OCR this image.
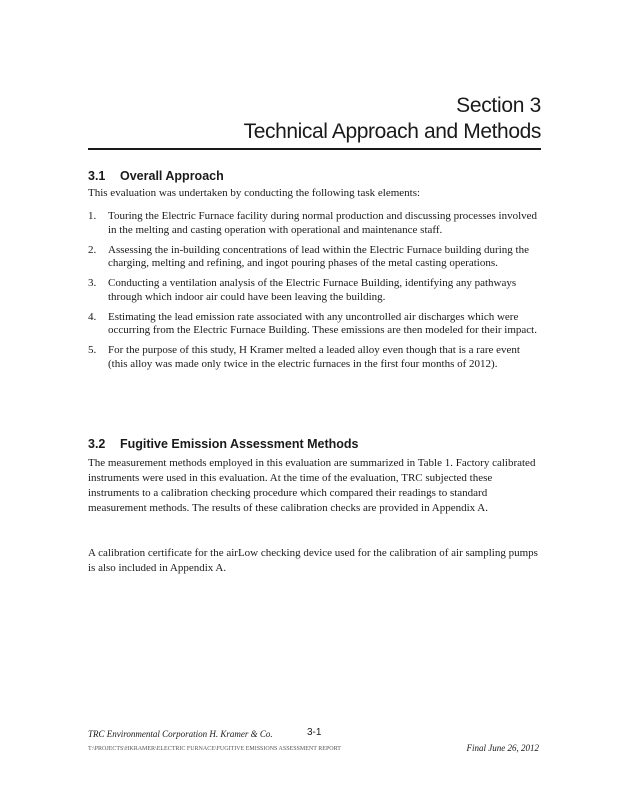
Section 3
Technical Approach and Methods
3.1 Overall Approach

This evaluation was undertaken by conducting the following task elements:

1. Touring the Electric Furnace facility during normal production and discussing processes involved in the melting and casting operation with operational and maintenance staff.
2. Assessing the in-building concentrations of lead within the Electric Furnace building during the charging, melting and refining, and ingot pouring phases of the metal casting operations.
3. Conducting a ventilation analysis of the Electric Furnace Building, identifying any pathways through which indoor air could have been leaving the building.
4. Estimating the lead emission rate associated with any uncontrolled air discharges which were occurring from the Electric Furnace Building. These emissions are then modeled for their impact.
5. For the purpose of this study, H Kramer melted a leaded alloy even though that is a rare event (this alloy was made only twice in the electric furnaces in the first four months of 2012).
3.2 Fugitive Emission Assessment Methods

The measurement methods employed in this evaluation are summarized in Table 1. Factory calibrated instruments were used in this evaluation. At the time of the evaluation, TRC subjected these instruments to a calibration checking procedure which compared their readings to standard measurement methods. The results of these calibration checks are provided in Appendix A.

A calibration certificate for the airLow checking device used for the calibration of air sampling pumps is also included in Appendix A.

TRC Environmental Corporation H. Kramer & Co.	3-1
T:\PROJECTS\HKRAMER\ELECTRIC FURNACE\FUGITIVE EMISSIONS ASSESSMENT REPORT	Final June 26, 2012
